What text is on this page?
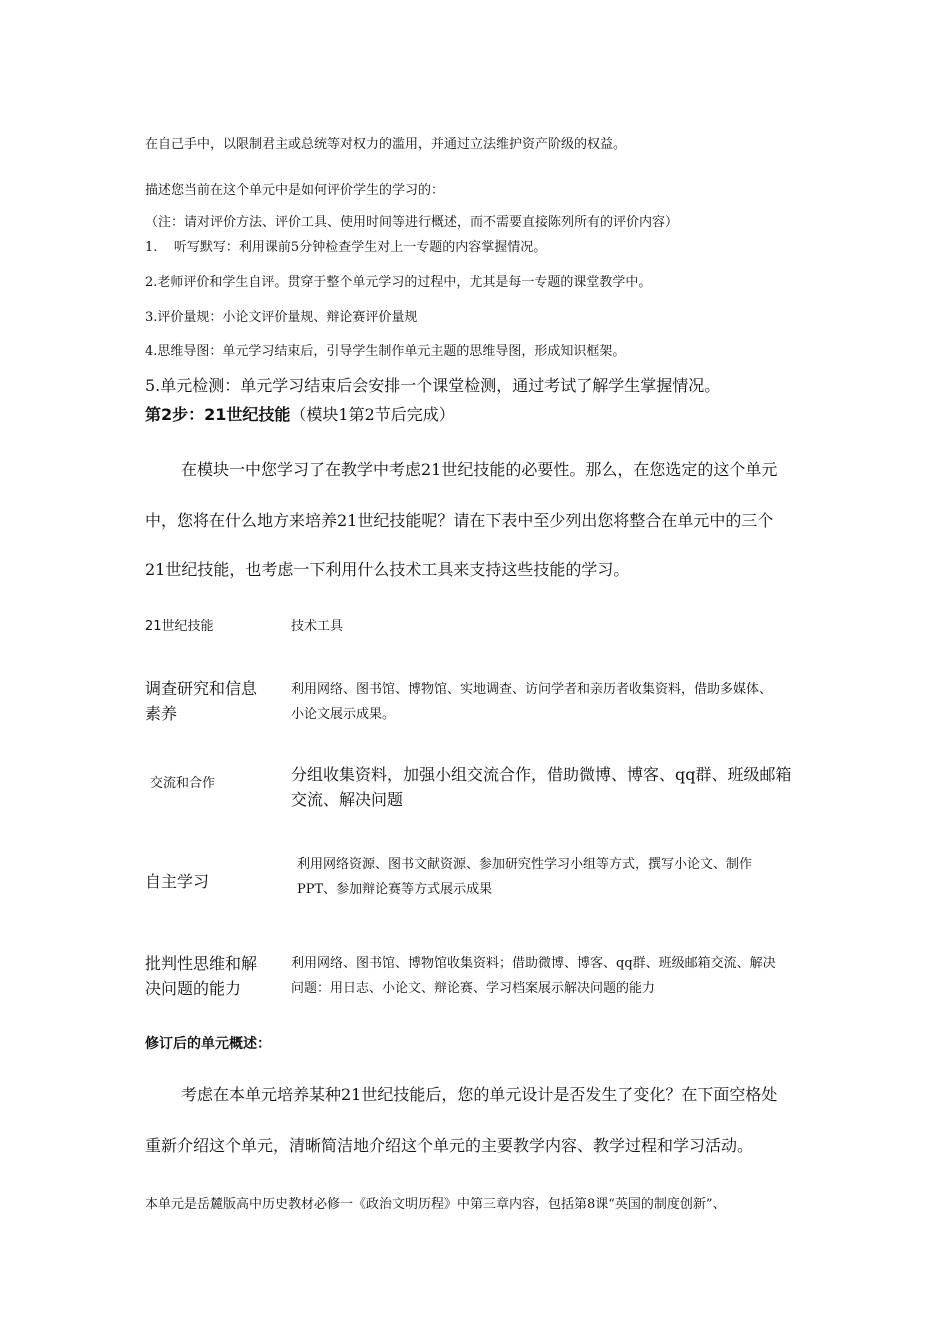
在自己手中，以限制君主或总统等对权力的滥用，并通过立法维护资产阶级的权益。
描述您当前在这个单元中是如何评价学生的学习的：
（注：请对评价方法、评价工具、使用时间等进行概述，而不需要直接陈列所有的评价内容）
1.    听写默写：利用课前5分钟检查学生对上一专题的内容掌握情况。
2.老师评价和学生自评。贯穿于整个单元学习的过程中，尤其是每一专题的课堂教学中。
3.评价量规：小论文评价量规、辩论赛评价量规
4.思维导图：单元学习结束后，引导学生制作单元主题的思维导图，形成知识框架。
5.单元检测：单元学习结束后会安排一个课堂检测，通过考试了解学生掌握情况。
第2步：21世纪技能（模块1第2节后完成）
在模块一中您学习了在教学中考虑21世纪技能的必要性。那么，在您选定的这个单元
中，您将在什么地方来培养21世纪技能呢？请在下表中至少列出您将整合在单元中的三个
21世纪技能，也考虑一下利用什么技术工具来支持这些技能的学习。
21世纪技能	技术工具
调查研究和信息
素养
利用网络、图书馆、博物馆、实地调查、访问学者和亲历者收集资料，借助多媒体、
小论文展示成果。
交流和合作	分组收集资料，加强小组交流合作，借助微博、博客、qq群、班级邮箱
交流、解决问题
自主学习
利用网络资源、图书文献资源、参加研究性学习小组等方式，撰写小论文、制作
PPT、参加辩论赛等方式展示成果
批判性思维和解
决问题的能力
利用网络、图书馆、博物馆收集资料；借助微博、博客、qq群、班级邮箱交流、解决
问题：用日志、小论文、辩论赛、学习档案展示解决问题的能力
修订后的单元概述：
考虑在本单元培养某种21世纪技能后，您的单元设计是否发生了变化？在下面空格处
重新介绍这个单元，清晰简洁地介绍这个单元的主要教学内容、教学过程和学习活动。
本单元是岳麓版高中历史教材必修一《政治文明历程》中第三章内容，包括第8课“英国的制度创新”、
